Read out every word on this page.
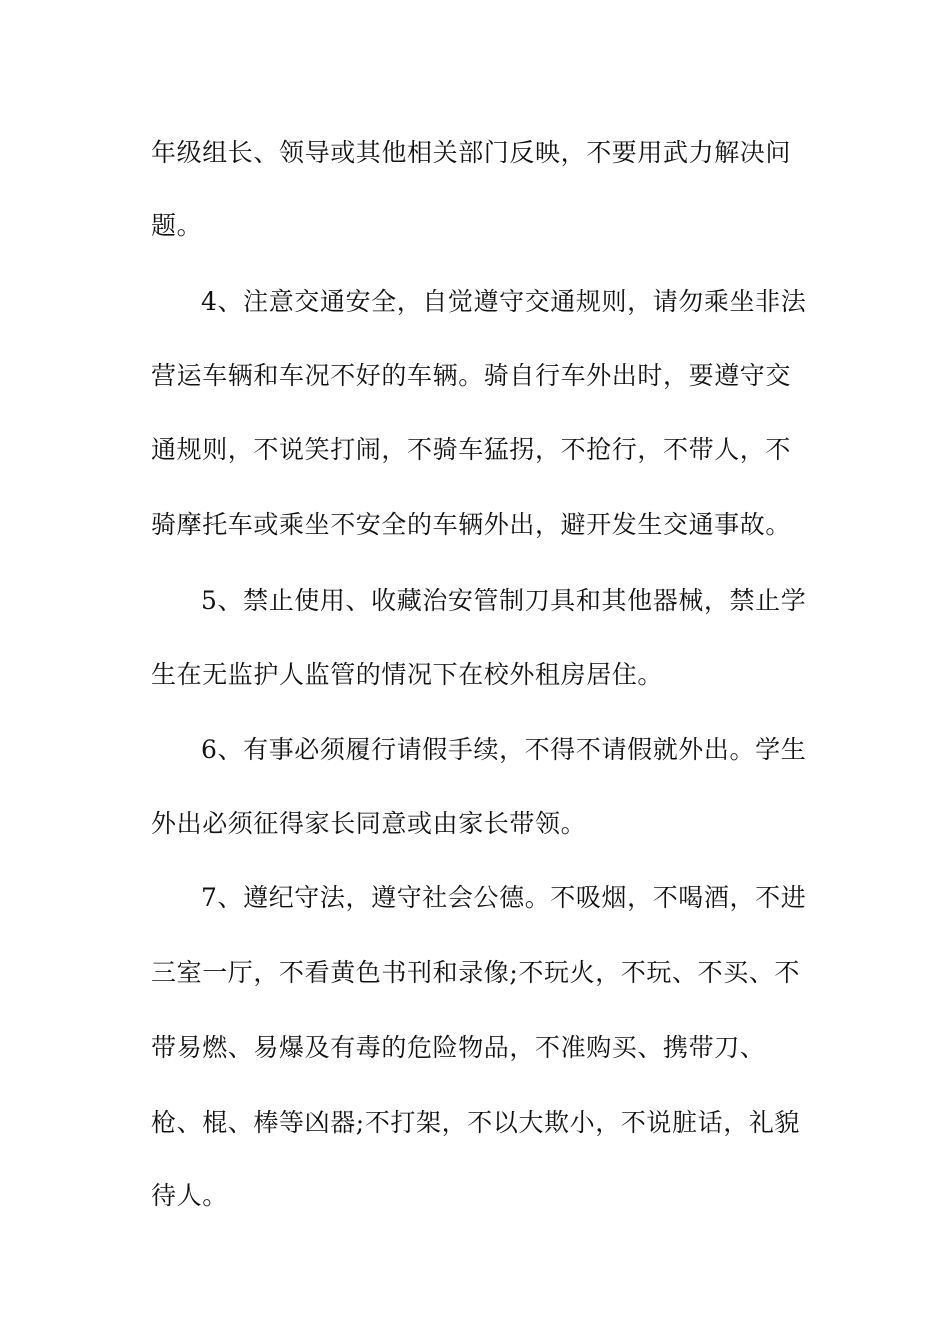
年级组长、领导或其他相关部门反映，不要用武力解决问
题。
4、注意交通安全，自觉遵守交通规则，请勿乘坐非法
营运车辆和车况不好的车辆。骑自行车外出时，要遵守交
通规则，不说笑打闹，不骑车猛拐，不抢行，不带人，不
骑摩托车或乘坐不安全的车辆外出，避开发生交通事故。
5、禁止使用、收藏治安管制刀具和其他器械，禁止学
生在无监护人监管的情况下在校外租房居住。
6、有事必须履行请假手续，不得不请假就外出。学生
外出必须征得家长同意或由家长带领。
7、遵纪守法，遵守社会公德。不吸烟，不喝酒，不进
三室一厅，不看黄色书刊和录像;不玩火，不玩、不买、不
带易燃、易爆及有毒的危险物品，不准购买、携带刀、
枪、棍、棒等凶器;不打架，不以大欺小，不说脏话，礼貌
待人。
